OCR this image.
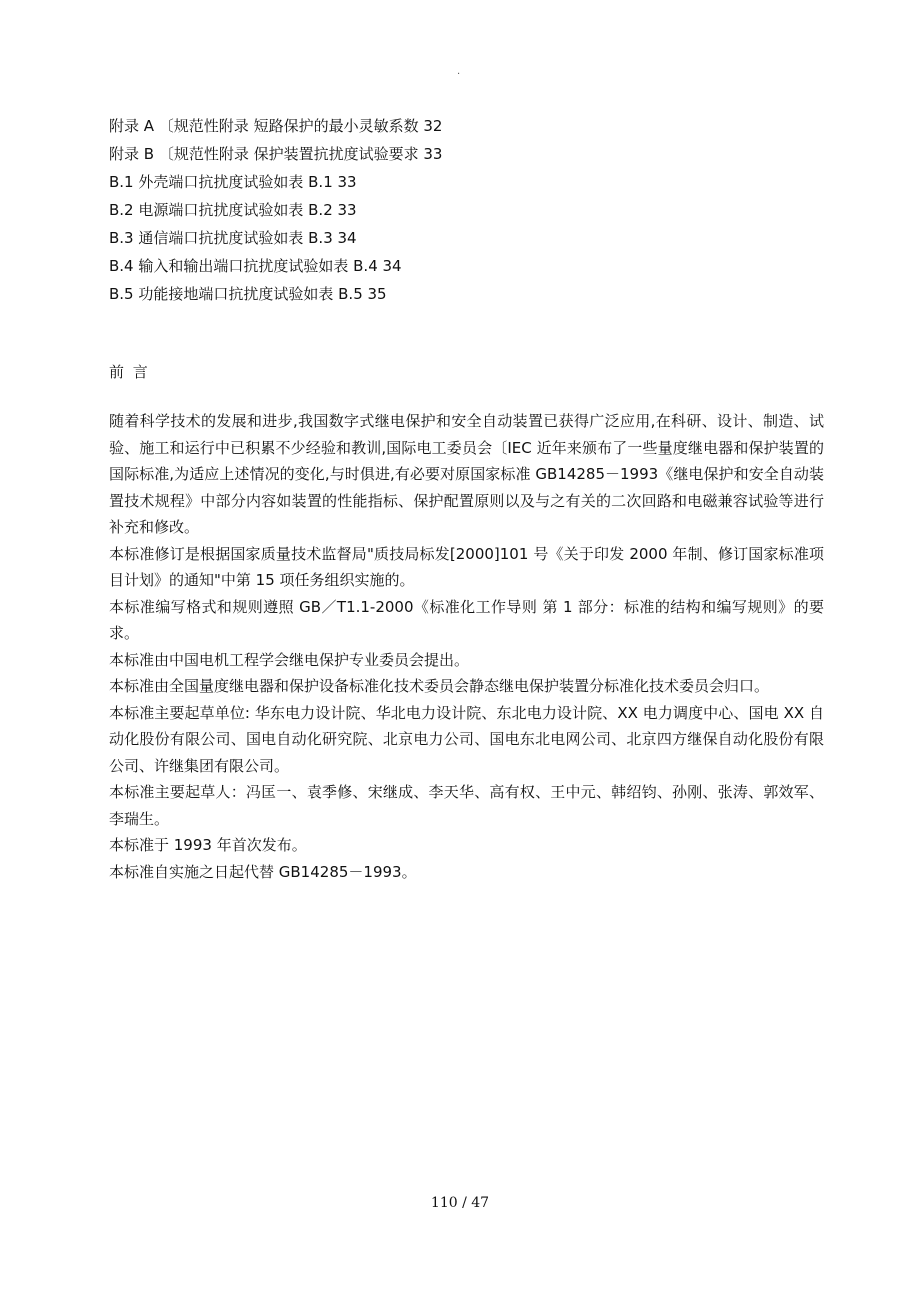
.
附录 A 〔规范性附录 短路保护的最小灵敏系数 32
附录 B 〔规范性附录 保护装置抗扰度试验要求 33
B.1 外壳端口抗扰度试验如表 B.1 33
B.2 电源端口抗扰度试验如表 B.2 33
B.3 通信端口抗扰度试验如表 B.3 34
B.4 输入和输出端口抗扰度试验如表 B.4 34
B.5 功能接地端口抗扰度试验如表 B.5 35
前 言

随着科学技术的发展和进步,我国数字式继电保护和安全自动装置已获得广泛应用,在科研、设计、制造、试验、施工和运行中已积累不少经验和教训,国际电工委员会〔IEC 近年来颁布了一些量度继电器和保护装置的国际标准,为适应上述情况的变化,与时俱进,有必要对原国家标准 GB14285－1993《继电保护和安全自动装置技术规程》中部分内容如装置的性能指标、保护配置原则以及与之有关的二次回路和电磁兼容试验等进行补充和修改。

本标准修订是根据国家质量技术监督局"质技局标发[2000]101 号《关于印发 2000 年制、修订国家标准项目计划》的通知"中第 15 项任务组织实施的。

本标准编写格式和规则遵照 GB／T1.1-2000《标准化工作导则 第 1 部分：标准的结构和编写规则》的要求。

本标准由中国电机工程学会继电保护专业委员会提出。

本标准由全国量度继电器和保护设备标准化技术委员会静态继电保护装置分标准化技术委员会归口。

本标准主要起草单位: 华东电力设计院、华北电力设计院、东北电力设计院、XX 电力调度中心、国电 XX 自动化股份有限公司、国电自动化研究院、北京电力公司、国电东北电网公司、北京四方继保自动化股份有限公司、许继集团有限公司。

本标准主要起草人：冯匡一、袁季修、宋继成、李天华、高有权、王中元、韩绍钧、孙刚、张涛、郭效军、李瑞生。

本标准于 1993 年首次发布。

本标准自实施之日起代替 GB14285－1993。

110 / 47
